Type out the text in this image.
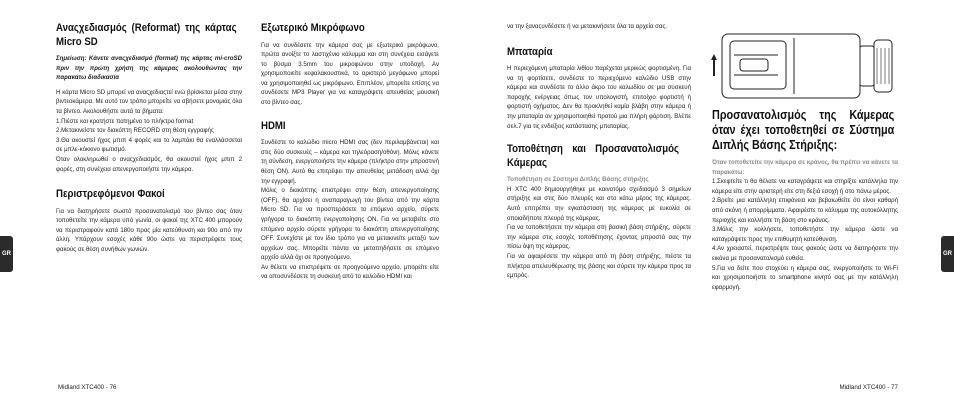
Αναςχεδιασμός (Reformat) της κάρτας Micro SD

Σημείωση: Κάνετε αναςχεδιασμό (format) της κάρτας mi-croSD πριν την πρώτη χρήση της κάμερας ακολουθώντας την παρακάτω διαδικασία

Η κάρτα Micro SD μπορεί να αναςχεδιαςτεί ενώ βρίσκεται μέσα στην βιντεοκάμερα. Με αυτό τον τρόπο μπορείτε να σβήσετε μονομιάς όλα τα βίντεο. Ακολουθήστε αυτά τα βήματα:

1.Πιέστε και κρατήστε πατημένο το πλήκτρο format

2.Μετακινείστε τον διακόπτη RECORD στη θέση εγγραφής

3.Θα ακουστεί ήχος μπιπ 4 φορές και το λαμπάκι θα εναλλάσσεται σε μπλε-κόκκινο φωτισμό.

Όταν ολοκληρωθεί ο αναςχεδιασμός, θα ακουστεί ήχος μπιπ 2 φορές, στη συνέχεια απενεργοποιήστε την κάμερα.

Περιστρεφόμενοι Φακοί

Για να διατηρήσετε σωστό προσανατολισμό του βίντεο σας όταν τοποθετείτε την κάμερα υπό γωνία, οι φακοί της XTC 400 μπορούν να περιστραφούν κατά 180ο προς μία κατεύθυνση και 90ο από την άλλη. Υπάρχουν εσοχές κάθε 90ο ώστε να περιστρέφετε τους φακούς σε θέση συνήθων γωνιών.

Εξωτερικό Μικρόφωνο

Για να συνδέσετε την κάμερα σας με εξωτερικό μικρόφωνο, πρώτα ανοίξτε το λαστιχένιο κάλυμμα και στη συνέχεια εισάγετε το βύσμα 3.5mm του μικροφώνου στην υποδοχή. Αν χρησιμοποιείτε κεφαλακουστικά, το αριστερό μεγάφωνο μπορεί να χρησιμοποιηθεί ως μικρόφωνο. Επιπλέον, μπορείτε επίσης να συνδέσετε MP3 Player για να καταγράψετε απευθείας μουσική στο βίντεο σας.

HDMI

Συνδέστε το καλώδιο micro HDMI σας (δεν περιλαμβάνεται) και στις δύο συσκευές – κάμερα και τηλεόραση/οθόνη. Μόλις κάνετε τη σύνδεση, ενεργοποιήστε την κάμερα (πλήκτρο στην μπροστινή θέση ON). Αυτό θα επιτρέψει την απευθείας μετάδοση αλλά όχι την εγγραφή.

Μόλις ο διακόπτης επιστρέψει στην θέση απενεργοποίησης (OFF), θα αρχίσει η αναπαραγωγή του βίντεο από την κάρτα Micro SD. Για να προσπεράσετε το επόμενο αρχείο, σύρετε γρήγορα το διακόπτη ενεργοποίησης ON. Για να μεταβείτε στο επόμενο αρχείο σύρετε γρήγορα το διακόπτη απενεργοποίησης OFF. Συνεχίστε με τον ίδιο τρόπο για να μετακινείτε μεταξύ των αρχείων σας. Μπορείτε πάντα να μεταπηδήσετε σε επόμενο αρχείο αλλά όχι σε προηγούμενο.

Αν θέλετε να επιστρέψετε σε προηγούμενο αρχείο, μπορείτε είτε να αποσυνδέσετε τη συσκευή από το καλώδιο HDMI και

να την ξαναςυνδέσετε ή να μετακινήσετε όλα τα αρχεία σας.

Μπαταρία

Η περιεχόμενη μπαταρία λιθίου παρέχεται μερικώς φορτισμένη. Για να τη φορτίσετε, συνδέστε το περιεχόμενο καλώδιο USB στην κάμερα και συνδέστε το άλλο άκρο του καλωδίου σε μια συσκευή παροχής ενέργειας όπως τον υπολογιστή, επιτοίχιο φορτιστή ή φορτιστή οχήματος. Δεν θα προκληθεί καμία βλάβη στην κάμερα ή την μπαταρία αν χρησιμοποιηθεί προτού μια πλήρη φόρτιση. Βλέπε σελ.7 για τις ενδείξεις κατάστασης μπαταρίας.

Τοποθέτηση και Προσανατολισμός Κάμερας

Τοποθέτηση σε Σύστημα Διπλής Βάσης στήριξης

Η XTC 400 δημιουργήθηκε με καινοτόμο σχεδιασμό 3 σημείων στήριξης και στις δύο πλευρές και στο κάτω μέρος της κάμερας. Αυτό επιτρέπει την εγκατάσταση της κάμερας με ευκολία σε οποιαδήποτε πλευρά της κάμερας.

Για να τοποθετήσετε την κάμερα στη βασική βάση στήριξης, σύρετε την κάμερα στις εσοχές τοποθέτησης έχοντας μπροστά σας την πίσω όψη της κάμερας.

Για να αφαιρέσετε την κάμερα από τη βάση στήριξης, πιέστε τα πλήκτρα απελευθέρωσης της βάσης και σύρετε την κάμερα προς τα εμπρός.

Προσανατολισμός της Κάμερας όταν έχει τοποθετηθεί σε Σύστημα Διπλής Βάσης Στήριξης:

Όταν τοποθετείτε την κάμερα σε κράνος, θα πρέπει να κάνετε τα παρακάτω:

1.Σκεφτείτε τι θα θέλατε να καταγράψετε και στηρίξτε κατάλληλα την κάμερα είτε στην αριστερή είτε στη δεξιά εσοχή ή στο πάνω μέρος.

2.Βρείτε μια κατάλληλη επιφάνεια και βεβαιωθείτε ότι είναι καθαρή από σκόνη ή απορρίμματα. Αφαιρέστε το κάλυμμα της αυτοκόλλητης περιοχής και κολλήστε τη βάση στο κράνος.

3.Μόλις την κολλήσετε, τοποθετήστε την κάμερα ώστε να καταγράψετε προς την επιθυμητή κατεύθυνση.

4.Αν χρειαστεί, περιστρέψτε τους φακούς ώστε να διατηρήσετε την εικόνα με προσανατολισμό ευθεία.

5.Για να δείτε που στοχεύει η κάμερα σας, ενεργοποιήστε το Wi-Fi και χρησιμοποιήστε το smartphone κινητό σας με την κατάλληλη εφαρμογή.

GR	GR
Midland XTC400 - 76	Midland XTC400 - 77
